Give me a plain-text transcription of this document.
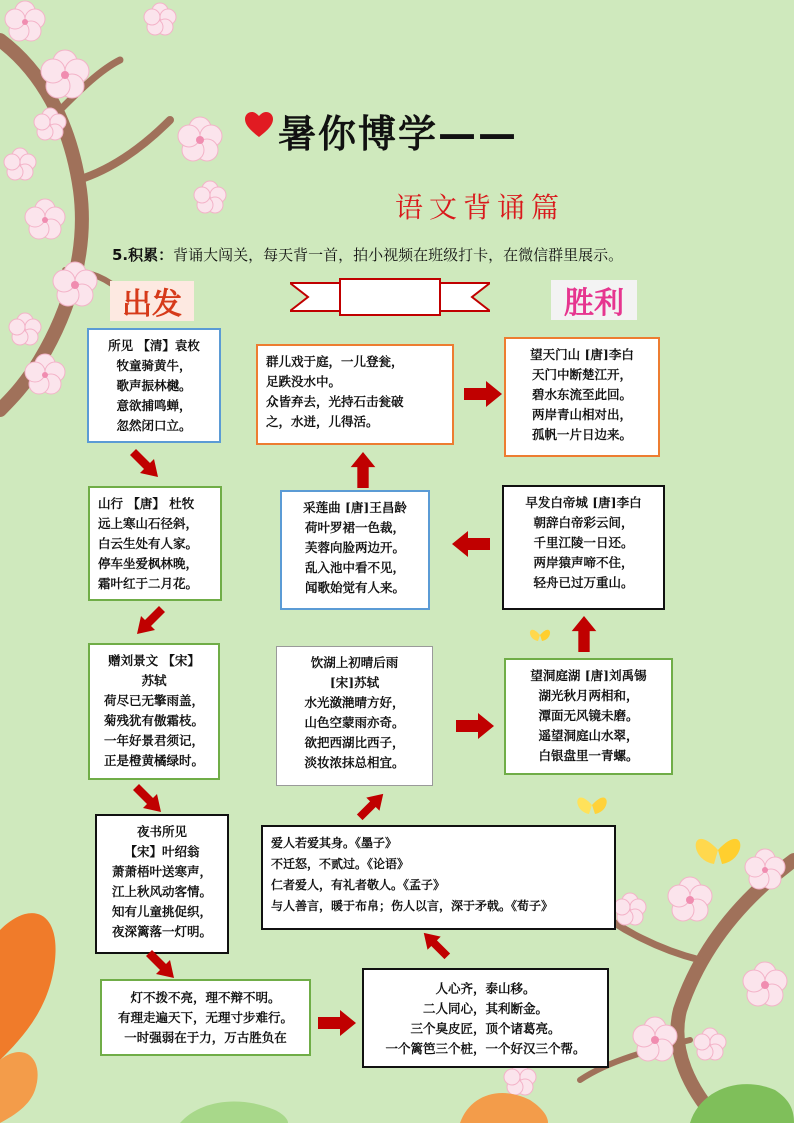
暑你博学——
语文背诵篇
5.积累：背诵大闯关，每天背一首，拍小视频在班级打卡，在微信群里展示。
出发	胜利
所见 【清】袁枚
牧童骑黄牛，
歌声振林樾。
意欲捕鸣蝉，
忽然闭口立。
群儿戏于庭，一儿登瓮，
足跌没水中。
众皆弃去，光持石击瓮破
之，水迸，儿得活。
望天门山 [唐]李白
天门中断楚江开，
碧水东流至此回。
两岸青山相对出，
孤帆一片日边来。
山行 【唐】 杜牧
远上寒山石径斜，
白云生处有人家。
停车坐爱枫林晚，
霜叶红于二月花。
采莲曲 [唐]王昌龄
荷叶罗裙一色裁，
芙蓉向脸两边开。
乱入池中看不见，
闻歌始觉有人来。
早发白帝城 [唐]李白
朝辞白帝彩云间，
千里江陵一日还。
两岸猿声啼不住，
轻舟已过万重山。
赠刘景文 【宋】
苏轼
荷尽已无擎雨盖，
菊残犹有傲霜枝。
一年好景君须记，
正是橙黄橘绿时。
饮湖上初晴后雨
[宋]苏轼
水光潋滟晴方好，
山色空蒙雨亦奇。
欲把西湖比西子，
淡妆浓抹总相宜。
望洞庭湖 [唐]刘禹锡
湖光秋月两相和，
潭面无风镜未磨。
遥望洞庭山水翠，
白银盘里一青螺。
夜书所见
【宋】叶绍翁
萧萧梧叶送寒声，
江上秋风动客情。
知有儿童挑促织，
夜深篱落一灯明。
爱人若爱其身。《墨子》
不迁怒，不贰过。《论语》
仁者爱人，有礼者敬人。《孟子》
与人善言，暖于布帛；伤人以言，深于矛戟。《荀子》
灯不拨不亮，理不辩不明。
有理走遍天下，无理寸步难行。
一时强弱在于力，万古胜负在
人心齐，泰山移。
二人同心，其利断金。
三个臭皮匠，顶个诸葛亮。
一个篱笆三个桩，一个好汉三个帮。
